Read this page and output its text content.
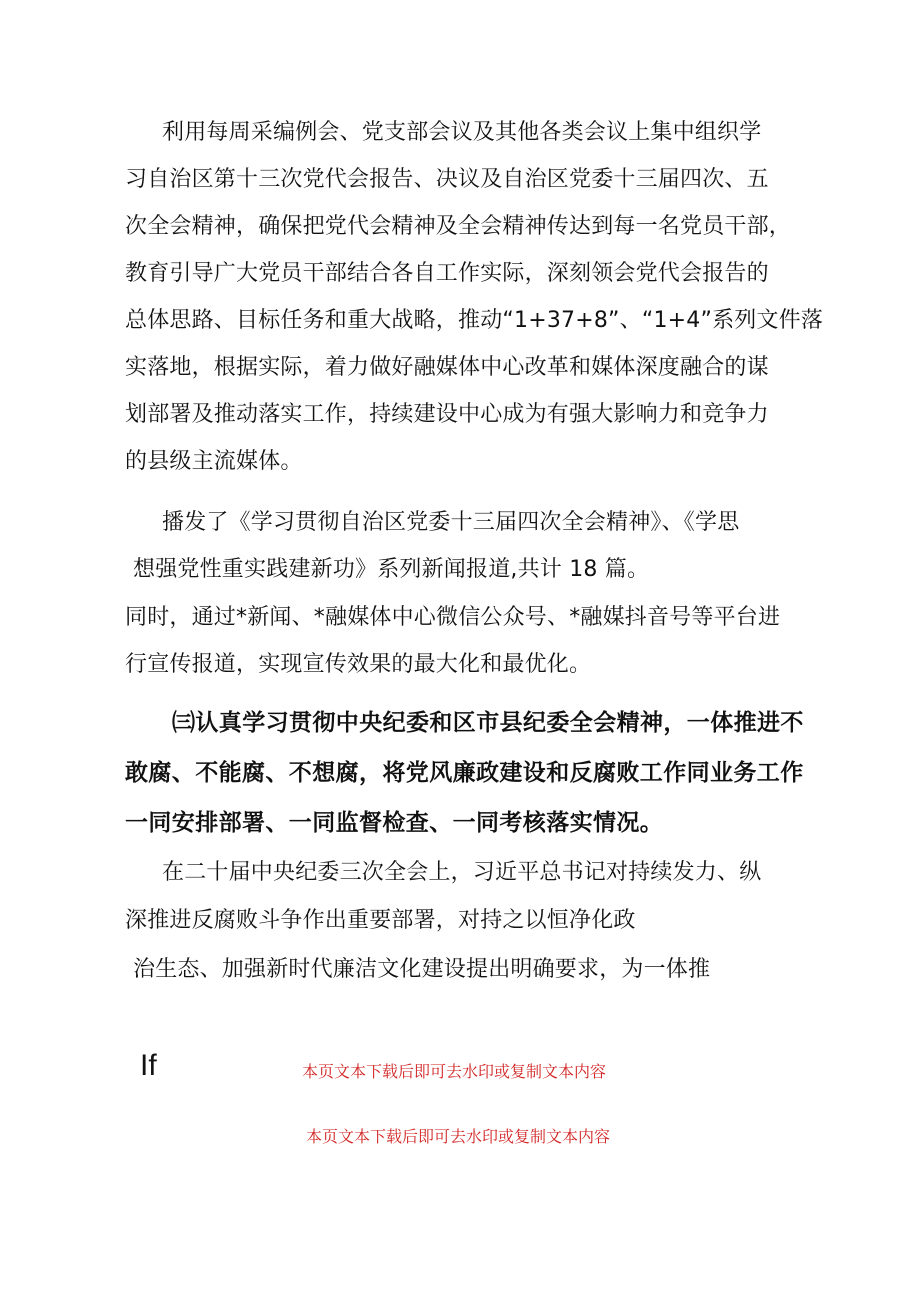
利用每周采编例会、党支部会议及其他各类会议上集中组织学
习自治区第十三次党代会报告、决议及自治区党委十三届四次、五
次全会精神，确保把党代会精神及全会精神传达到每一名党员干部，
教育引导广大党员干部结合各自工作实际，深刻领会党代会报告的
总体思路、目标任务和重大战略，推动“1+37+8”、“1+4”系列文件落
实落地，根据实际，着力做好融媒体中心改革和媒体深度融合的谋
划部署及推动落实工作，持续建设中心成为有强大影响力和竞争力
的县级主流媒体。
播发了《学习贯彻自治区党委十三届四次全会精神》、《学思
想强党性重实践建新功》系列新闻报道,共计 18 篇。
同时，通过*新闻、*融媒体中心微信公众号、*融媒抖音号等平台进
行宣传报道，实现宣传效果的最大化和最优化。
㈢认真学习贯彻中央纪委和区市县纪委全会精神，一体推进不
敢腐、不能腐、不想腐，将党风廉政建设和反腐败工作同业务工作
一同安排部署、一同监督检查、一同考核落实情况。
在二十届中央纪委三次全会上，习近平总书记对持续发力、纵
深推进反腐败斗争作出重要部署，对持之以恒净化政
治生态、加强新时代廉洁文化建设提出明确要求，为一体推
If	本页文本下载后即可去水印或复制文本内容
本页文本下载后即可去水印或复制文本内容
